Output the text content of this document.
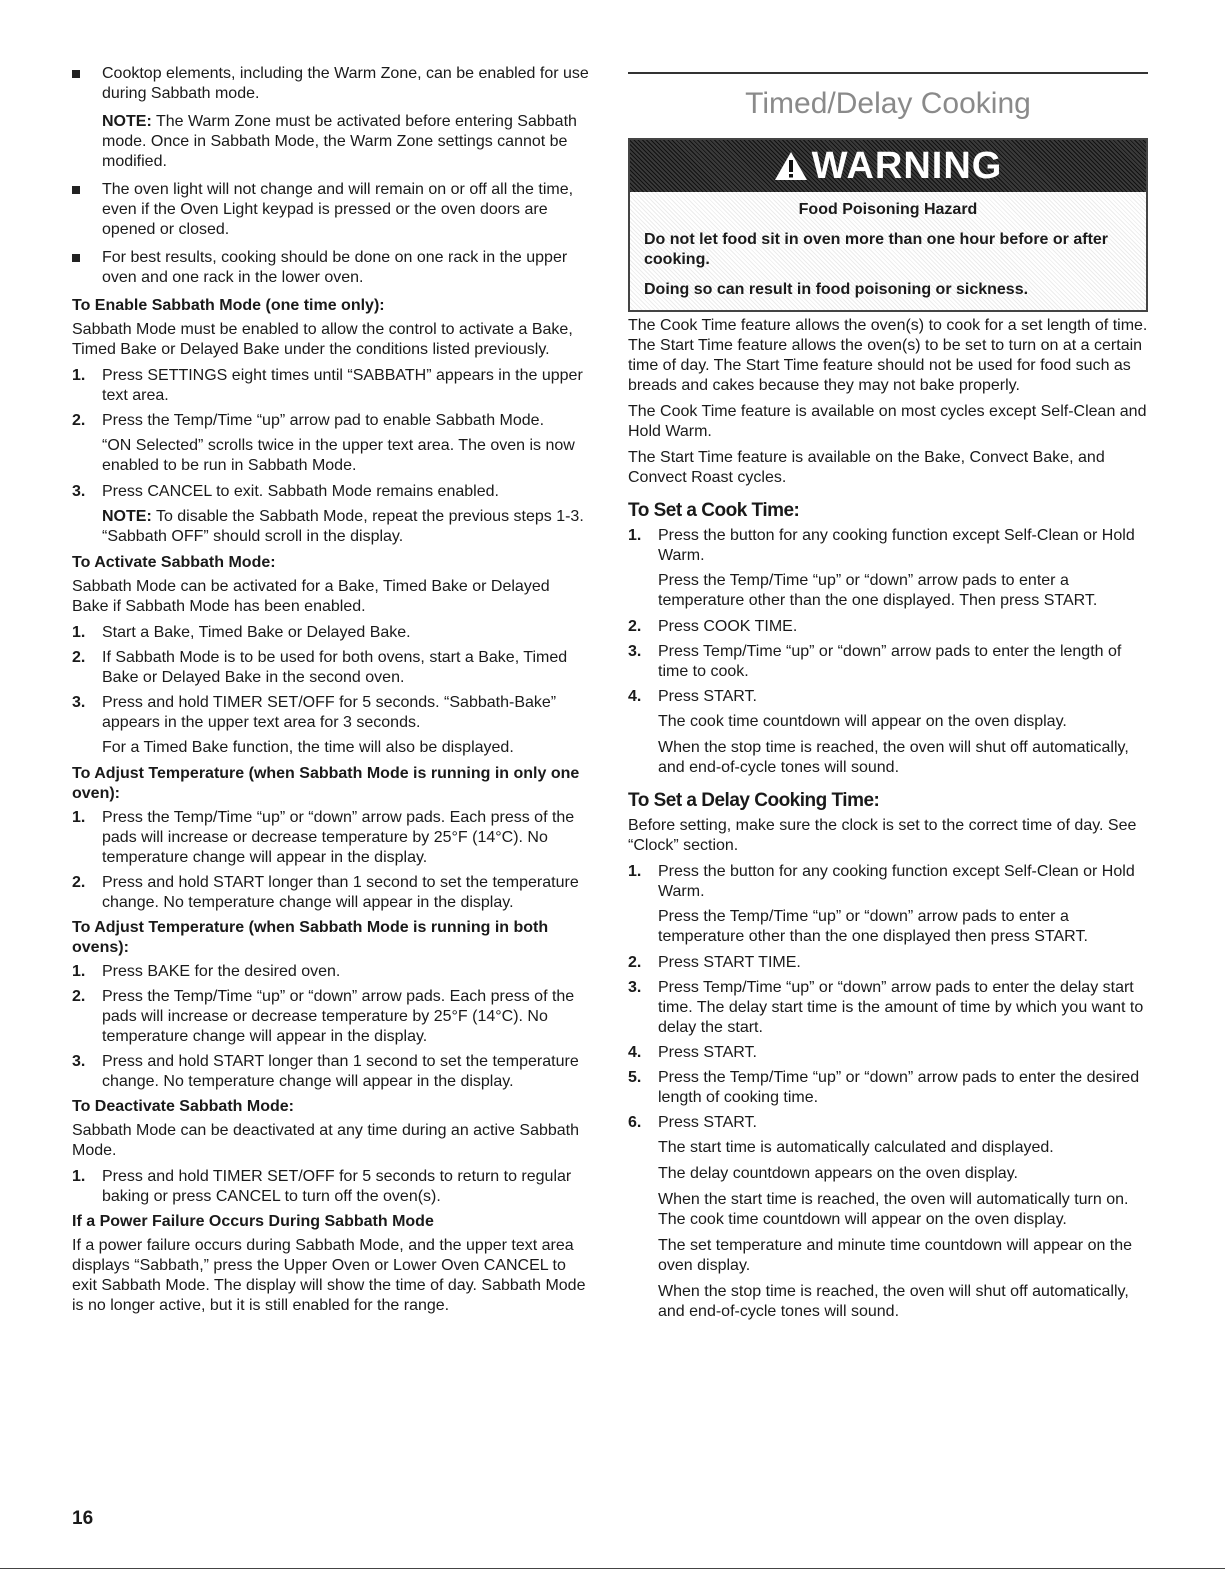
Cooktop elements, including the Warm Zone, can be enabled for use during Sabbath mode.
NOTE: The Warm Zone must be activated before entering Sabbath mode. Once in Sabbath Mode, the Warm Zone settings cannot be modified.
The oven light will not change and will remain on or off all the time, even if the Oven Light keypad is pressed or the oven doors are opened or closed.
For best results, cooking should be done on one rack in the upper oven and one rack in the lower oven.
To Enable Sabbath Mode (one time only):

Sabbath Mode must be enabled to allow the control to activate a Bake, Timed Bake or Delayed Bake under the conditions listed previously.

1. Press SETTINGS eight times until “SABBATH” appears in the upper text area.
2. Press the Temp/Time “up” arrow pad to enable Sabbath Mode.
“ON Selected” scrolls twice in the upper text area. The oven is now enabled to be run in Sabbath Mode.
3. Press CANCEL to exit. Sabbath Mode remains enabled.
NOTE: To disable the Sabbath Mode, repeat the previous steps 1-3. “Sabbath OFF” should scroll in the display.
To Activate Sabbath Mode:

Sabbath Mode can be activated for a Bake, Timed Bake or Delayed Bake if Sabbath Mode has been enabled.

1. Start a Bake, Timed Bake or Delayed Bake.
2. If Sabbath Mode is to be used for both ovens, start a Bake, Timed Bake or Delayed Bake in the second oven.
3. Press and hold TIMER SET/OFF for 5 seconds. “Sabbath-Bake” appears in the upper text area for 3 seconds.
For a Timed Bake function, the time will also be displayed.
To Adjust Temperature (when Sabbath Mode is running in only one oven):
1. Press the Temp/Time “up” or “down” arrow pads. Each press of the pads will increase or decrease temperature by 25°F (14°C). No temperature change will appear in the display.
2. Press and hold START longer than 1 second to set the temperature change. No temperature change will appear in the display.
To Adjust Temperature (when Sabbath Mode is running in both ovens):
1. Press BAKE for the desired oven.
2. Press the Temp/Time “up” or “down” arrow pads. Each press of the pads will increase or decrease temperature by 25°F (14°C). No temperature change will appear in the display.
3. Press and hold START longer than 1 second to set the temperature change. No temperature change will appear in the display.
To Deactivate Sabbath Mode:

Sabbath Mode can be deactivated at any time during an active Sabbath Mode.

1. Press and hold TIMER SET/OFF for 5 seconds to return to regular baking or press CANCEL to turn off the oven(s).
If a Power Failure Occurs During Sabbath Mode

If a power failure occurs during Sabbath Mode, and the upper text area displays “Sabbath,” press the Upper Oven or Lower Oven CANCEL to exit Sabbath Mode. The display will show the time of day. Sabbath Mode is no longer active, but it is still enabled for the range.

Timed/Delay Cooking
WARNING
Food Poisoning Hazard

Do not let food sit in oven more than one hour before or after cooking.

Doing so can result in food poisoning or sickness.

The Cook Time feature allows the oven(s) to cook for a set length of time. The Start Time feature allows the oven(s) to be set to turn on at a certain time of day. The Start Time feature should not be used for food such as breads and cakes because they may not bake properly.

The Cook Time feature is available on most cycles except Self-Clean and Hold Warm.

The Start Time feature is available on the Bake, Convect Bake, and Convect Roast cycles.

To Set a Cook Time:
1. Press the button for any cooking function except Self-Clean or Hold Warm.
Press the Temp/Time “up” or “down” arrow pads to enter a temperature other than the one displayed. Then press START.
2. Press COOK TIME.
3. Press Temp/Time “up” or “down” arrow pads to enter the length of time to cook.
4. Press START.
The cook time countdown will appear on the oven display.
When the stop time is reached, the oven will shut off automatically, and end-of-cycle tones will sound.
To Set a Delay Cooking Time:

Before setting, make sure the clock is set to the correct time of day. See “Clock” section.

1. Press the button for any cooking function except Self-Clean or Hold Warm.
Press the Temp/Time “up” or “down” arrow pads to enter a temperature other than the one displayed then press START.
2. Press START TIME.
3. Press Temp/Time “up” or “down” arrow pads to enter the delay start time. The delay start time is the amount of time by which you want to delay the start.
4. Press START.
5. Press the Temp/Time “up” or “down” arrow pads to enter the desired length of cooking time.
6. Press START.
The start time is automatically calculated and displayed.
The delay countdown appears on the oven display.
When the start time is reached, the oven will automatically turn on. The cook time countdown will appear on the oven display.
The set temperature and minute time countdown will appear on the oven display.
When the stop time is reached, the oven will shut off automatically, and end-of-cycle tones will sound.
16
